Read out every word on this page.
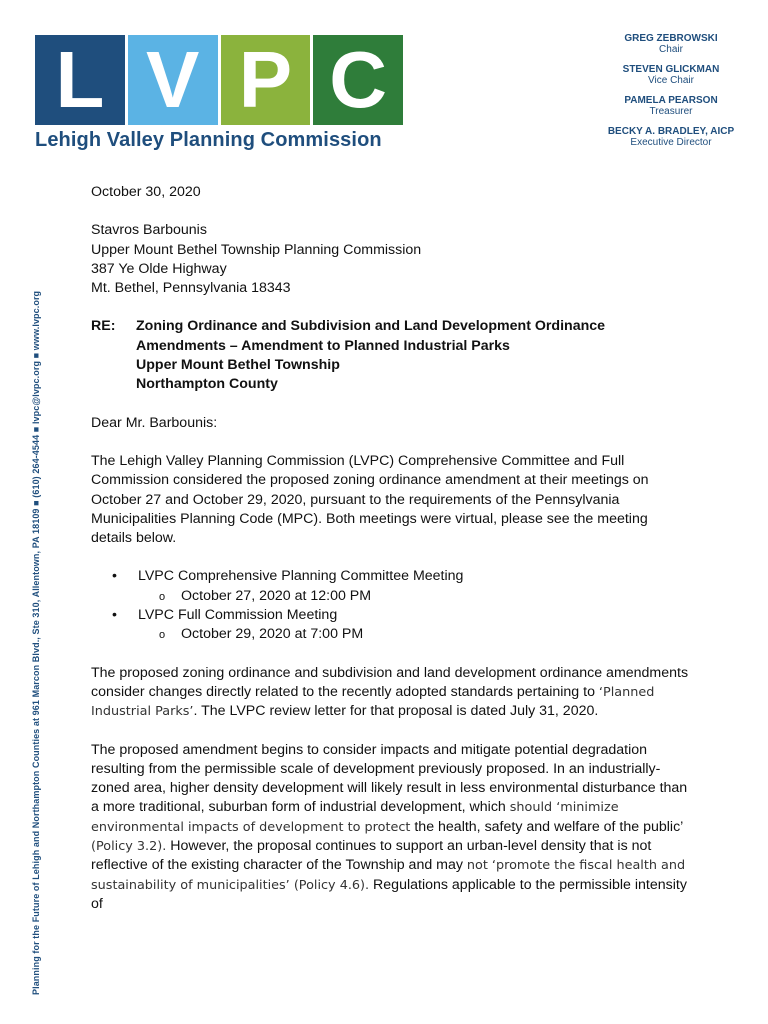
L V P C
Lehigh Valley Planning Commission
GREG ZEBROWSKI
Chair
STEVEN GLICKMAN
Vice Chair
PAMELA PEARSON
Treasurer
BECKY A. BRADLEY, AICP
Executive Director
Planning for the Future of Lehigh and Northampton Counties at 961 Marcon Blvd., Ste 310, Allentown, PA 18109 ■ (610) 264-4544 ■ lvpc@lvpc.org ■ www.lvpc.org

October 30, 2020

Stavros Barbounis

Upper Mount Bethel Township Planning Commission

387 Ye Olde Highway

Mt. Bethel, Pennsylvania 18343

RE:	Zoning Ordinance and Subdivision and Land Development Ordinance
Amendments – Amendment to Planned Industrial Parks
Upper Mount Bethel Township
Northampton County

Dear Mr. Barbounis:

The Lehigh Valley Planning Commission (LVPC) Comprehensive Committee and Full Commission considered the proposed zoning ordinance amendment at their meetings on October 27 and October 29, 2020, pursuant to the requirements of the Pennsylvania Municipalities Planning Code (MPC). Both meetings were virtual, please see the meeting details below.

• LVPC Comprehensive Planning Committee Meeting
o October 27, 2020 at 12:00 PM
• LVPC Full Commission Meeting
o October 29, 2020 at 7:00 PM

The proposed zoning ordinance and subdivision and land development ordinance amendments consider changes directly related to the recently adopted standards pertaining to ‘Planned Industrial Parks’. The LVPC review letter for that proposal is dated July 31, 2020.

The proposed amendment begins to consider impacts and mitigate potential degradation resulting from the permissible scale of development previously proposed. In an industrially-zoned area, higher density development will likely result in less environmental disturbance than a more traditional, suburban form of industrial development, which should ‘minimize environmental impacts of development to protect the health, safety and welfare of the public’ (Policy 3.2). However, the proposal continues to support an urban-level density that is not reflective of the existing character of the Township and may not ‘promote the fiscal health and sustainability of municipalities’ (Policy 4.6). Regulations applicable to the permissible intensity of
